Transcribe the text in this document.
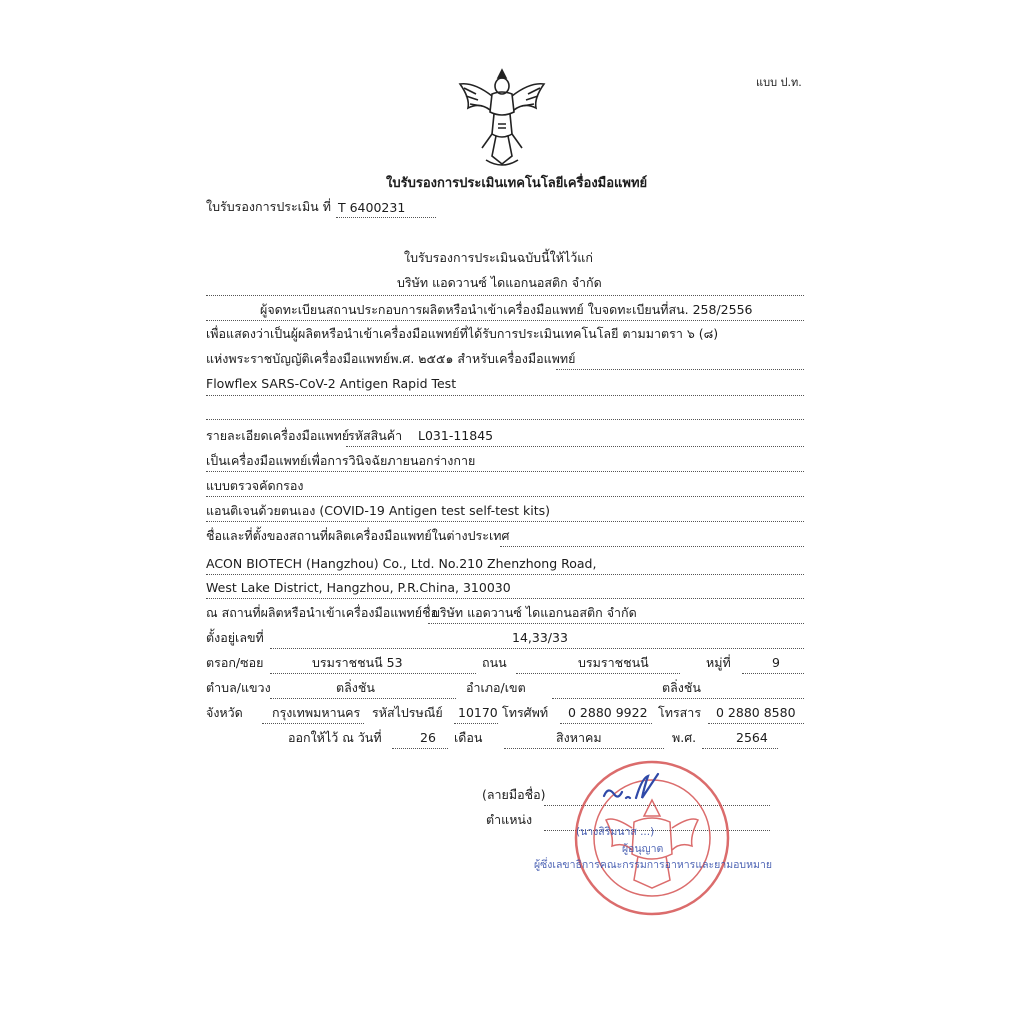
แบบ ป.ท.
ใบรับรองการประเมินเทคโนโลยีเครื่องมือแพทย์
ใบรับรองการประเมิน ที่ T 6400231
ใบรับรองการประเมินฉบับนี้ให้ไว้แก่
บริษัท แอดวานซ์ ไดแอกนอสติก จำกัด
ผู้จดทะเบียนสถานประกอบการผลิตหรือนำเข้าเครื่องมือแพทย์ ใบจดทะเบียนที่สน. 258/2556
เพื่อแสดงว่าเป็นผู้ผลิตหรือนำเข้าเครื่องมือแพทย์ที่ได้รับการประเมินเทคโนโลยี ตามมาตรา ๖ (๘)
แห่งพระราชบัญญัติเครื่องมือแพทย์พ.ศ. ๒๕๕๑ สำหรับเครื่องมือแพทย์
Flowflex SARS-CoV-2 Antigen Rapid Test
รายละเอียดเครื่องมือแพทย์
รหัสสินค้า L031-11845
เป็นเครื่องมือแพทย์เพื่อการวินิจฉัยภายนอกร่างกาย
แบบตรวจคัดกรอง
แอนติเจนด้วยตนเอง (COVID-19 Antigen test self-test kits)
ชื่อและที่ตั้งของสถานที่ผลิตเครื่องมือแพทย์ในต่างประเทศ
ACON BIOTECH (Hangzhou) Co., Ltd. No.210 Zhenzhong Road,
West Lake District, Hangzhou, P.R.China, 310030
ณ สถานที่ผลิตหรือนำเข้าเครื่องมือแพทย์ชื่อ
บริษัท แอดวานซ์ ไดแอกนอสติก จำกัด
ตั้งอยู่เลขที่	14,33/33
ตรอก/ซอย	บรมราชชนนี 53	ถนน	บรมราชชนนี	หมู่ที่	9
ตำบล/แขวง	ตลิ่งชัน	อำเภอ/เขต	ตลิ่งชัน
จังหวัด กรุงเทพมหานคร รหัสไปรษณีย์ 10170 โทรศัพท์ 0 2880 9922 โทรสาร 0 2880 8580
ออกให้ไว้ ณ วันที่	26 เดือน	สิงหาคม	พ.ศ.	2564
(ลายมือชื่อ)
ตำแหน่ง
(นางสิริมนาส ...)
ผู้อนุญาต
ผู้ซึ่งเลขาธิการคณะกรรมการอาหารและยามอบหมาย
